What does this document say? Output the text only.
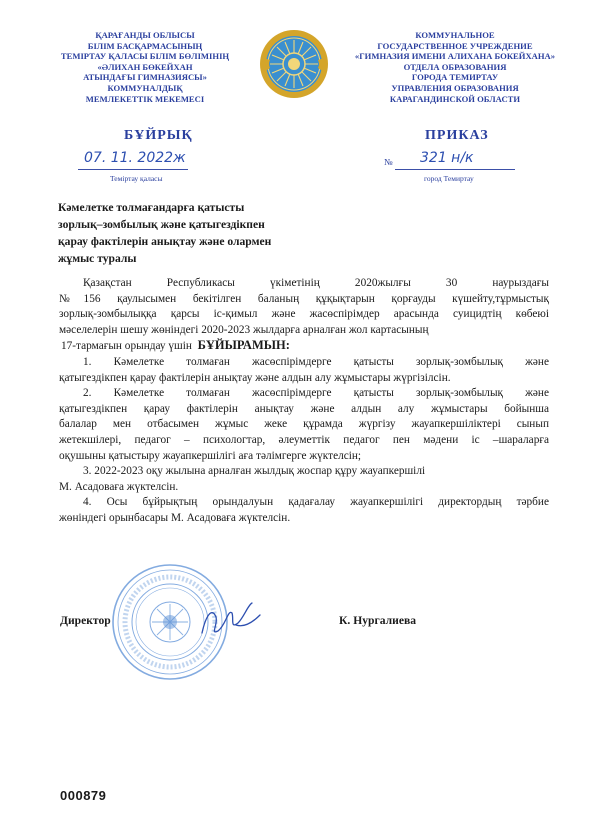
ҚАРАҒАНДЫ ОБЛЫСЫ
БІЛІМ БАСҚАРМАСЫНЫҢ
ТЕМІРТАУ ҚАЛАСЫ БІЛІМ БӨЛІМІНІҢ
«ӘЛИХАН БӨКЕЙХАН
АТЫНДАҒЫ ГИМНАЗИЯСЫ»
КОММУНАЛДЫҚ
МЕМЛЕКЕТТІК МЕКЕМЕСІ
КОММУНАЛЬНОЕ
ГОСУДАРСТВЕННОЕ УЧРЕЖДЕНИЕ
«ГИМНАЗИЯ ИМЕНИ АЛИХАНА БОКЕЙХАНА»
ОТДЕЛА ОБРАЗОВАНИЯ
ГОРОДА ТЕМИРТАУ
УПРАВЛЕНИЯ ОБРАЗОВАНИЯ
КАРАГАНДИНСКОЙ ОБЛАСТИ
БҰЙРЫҚ	ПРИКАЗ
07. 11. 2022ж	№ 321 н/к
Теміртау қаласы	город Темиртау
Кәмелетке толмағандарға қатысты
зорлық–зомбылық және қатыгездікпен
қарау фактілерін анықтау және олармен
жұмыс туралы

Қазақстан Республикасы үкіметінің 2020жылғы 30 наурыздағы

№156 қаулысымен бекітілген баланың құқықтарын қорғауды күшейту,тұрмыстық

зорлық-зомбылыққа қарсы іс-қимыл және жасөспірімдер арасында суицидтің көбеюі

мәселелерін шешу жөніндегі 2020-2023 жылдарға арналған жол картасының

17-тармағын орындау үшін БҰЙЫРАМЫН:

1. Кәмелетке толмаған жасөспірімдерге қатысты зорлық-зомбылық және

қатыгездікпен қарау фактілерін анықтау және алдын алу жұмыстары жүргізілсін.

2. Кәмелетке толмаған жасөспірімдерге қатысты зорлық-зомбылық және

қатыгездікпен қарау фактілерін анықтау және алдын алу жұмыстары бойынша

балалар мен отбасымен жұмыс жеке құрамда жүргізу жауапкершіліктері сынып

жетекшілері, педагог – психологтар, әлеуметтік педагог пен мәдени іс –шараларға

оқушыны қатыстыру жауапкершілігі аға тәлімгерге жүктелсін;

3. 2022-2023 оқу жылына арналған жылдық жоспар құру жауапкершілі

М. Асадоваға жүктелсін.

4. Осы бұйрықтың орындалуын қадағалау жауапкершілігі директордың тәрбие

жөніндегі орынбасары М. Асадоваға жүктелсін.

Директор	К. Нургалиева
000879
